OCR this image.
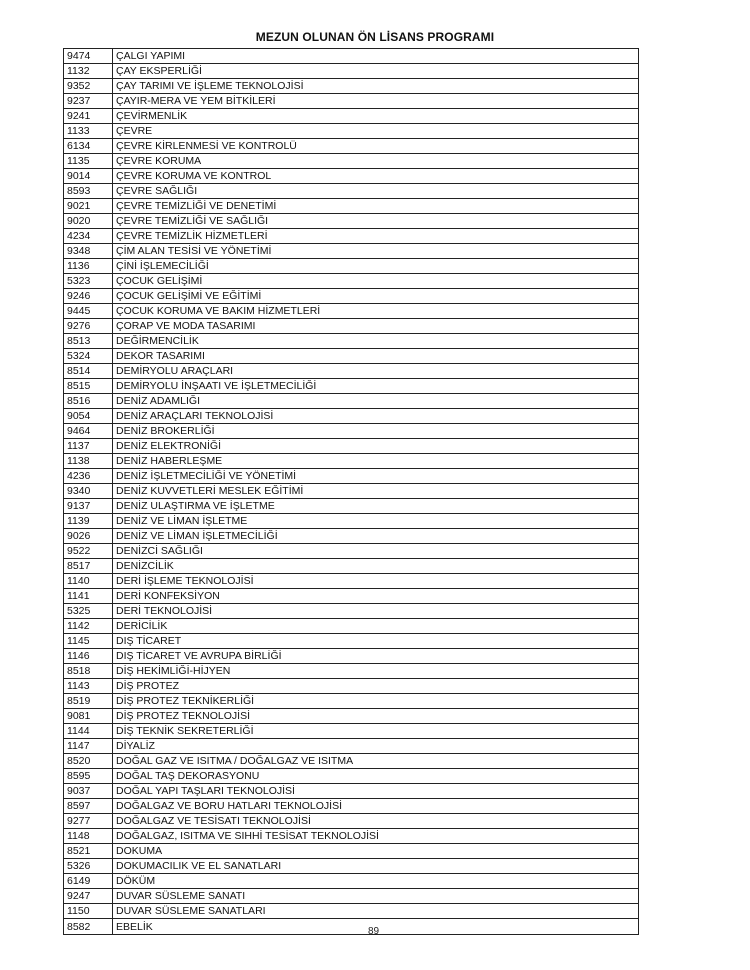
MEZUN OLUNAN ÖN LİSANS PROGRAMI
9474	ÇALGI YAPIMI
1132	ÇAY EKSPERLİĞİ
9352	ÇAY TARIMI VE İŞLEME TEKNOLOJİSİ
9237	ÇAYIR-MERA VE YEM BİTKİLERİ
9241	ÇEVİRMENLİK
1133	ÇEVRE
6134	ÇEVRE KİRLENMESİ VE KONTROLÜ
1135	ÇEVRE KORUMA
9014	ÇEVRE KORUMA VE KONTROL
8593	ÇEVRE SAĞLIĞI
9021	ÇEVRE TEMİZLİĞİ VE DENETİMİ
9020	ÇEVRE TEMİZLİĞİ VE SAĞLIĞI
4234	ÇEVRE TEMİZLİK HİZMETLERİ
9348	ÇİM ALAN TESİSİ VE YÖNETİMİ
1136	ÇİNİ İŞLEMECİLİĞİ
5323	ÇOCUK GELİŞİMİ
9246	ÇOCUK GELİŞİMİ VE EĞİTİMİ
9445	ÇOCUK KORUMA VE BAKIM HİZMETLERİ
9276	ÇORAP VE MODA TASARIMI
8513	DEĞİRMENCİLİK
5324	DEKOR TASARIMI
8514	DEMİRYOLU ARAÇLARI
8515	DEMİRYOLU İNŞAATI VE İŞLETMECİLİĞİ
8516	DENİZ ADAMLIĞI
9054	DENİZ ARAÇLARI TEKNOLOJİSİ
9464	DENİZ BROKERLİĞİ
1137	DENİZ ELEKTRONİĞİ
1138	DENİZ HABERLEŞME
4236	DENİZ İŞLETMECİLİĞİ VE YÖNETİMİ
9340	DENİZ KUVVETLERİ MESLEK EĞİTİMİ
9137	DENİZ ULAŞTIRMA VE İŞLETME
1139	DENİZ VE LİMAN İŞLETME
9026	DENİZ VE LİMAN İŞLETMECİLİĞİ
9522	DENİZCİ SAĞLIĞI
8517	DENİZCİLİK
1140	DERİ İŞLEME TEKNOLOJİSİ
1141	DERİ KONFEKSİYON
5325	DERİ TEKNOLOJİSİ
1142	DERİCİLİK
1145	DIŞ TİCARET
1146	DIŞ TİCARET VE AVRUPA BİRLİĞİ
8518	DİŞ HEKİMLİĞİ-HİJYEN
1143	DİŞ PROTEZ
8519	DİŞ PROTEZ TEKNİKERLİĞİ
9081	DİŞ PROTEZ TEKNOLOJİSİ
1144	DİŞ TEKNİK SEKRETERLİĞİ
1147	DİYALİZ
8520	DOĞAL GAZ VE ISITMA / DOĞALGAZ VE ISITMA
8595	DOĞAL TAŞ DEKORASYONU
9037	DOĞAL YAPI TAŞLARI TEKNOLOJİSİ
8597	DOĞALGAZ VE BORU HATLARI TEKNOLOJİSİ
9277	DOĞALGAZ VE TESİSATI TEKNOLOJİSİ
1148	DOĞALGAZ, ISITMA VE SIHHİ TESİSAT TEKNOLOJİSİ
8521	DOKUMA
5326	DOKUMACILIK VE EL SANATLARI
6149	DÖKÜM
9247	DUVAR SÜSLEME SANATI
1150	DUVAR SÜSLEME SANATLARI
8582	EBELİK	89
